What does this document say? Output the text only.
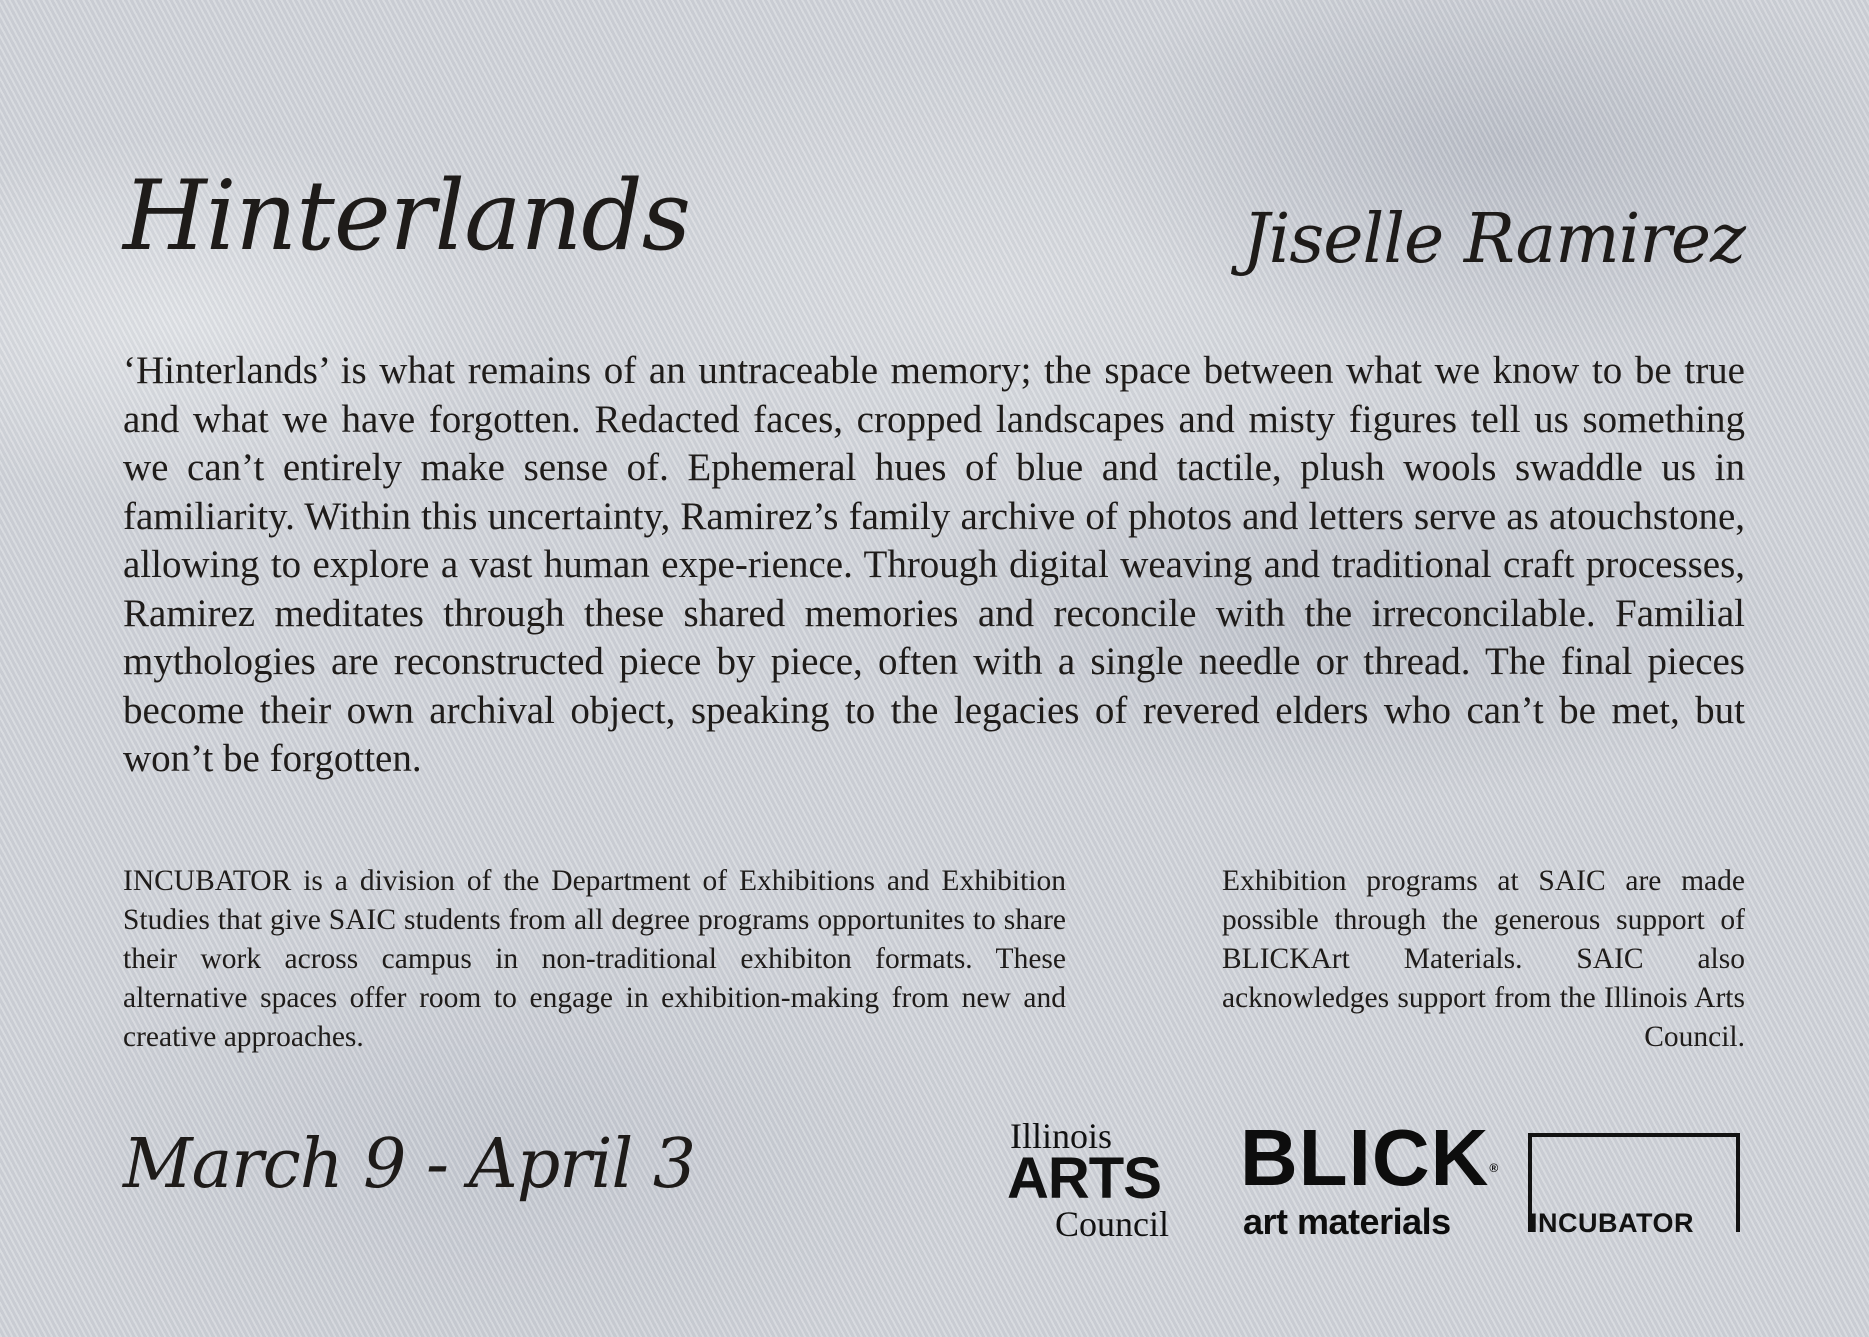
Hinterlands	Jiselle Ramirez

‘Hinterlands’ is what remains of an untraceable memory; the space between what we know to be true and what we have forgotten. Redacted faces, cropped landscapes and misty figures tell us something we can’t entirely make sense of. Ephemeral hues of blue and tactile, plush wools swaddle us in familiarity. Within this uncertainty, Ramirez’s family archive of photos and letters serve as atouchstone, allowing to explore a vast human expe-rience. Through digital weaving and traditional craft processes, Ramirez meditates through these shared memories and reconcile with the irreconcilable. Familial mythologies are reconstructed piece by piece, often with a single needle or thread. The final pieces become their own archival object, speaking to the legacies of revered elders who can’t be met, but won’t be forgotten.

INCUBATOR is a division of the Department of Exhibitions and Exhibition Studies that give SAIC students from all degree programs opportunites to share their work across campus in non-traditional exhibiton formats. These alternative spaces offer room to engage in exhibition-making from new and creative approaches.

Exhibition programs at SAIC are made possible through the generous support of BLICKArt Materials. SAIC also acknowledges support from the Illinois Arts Council.

March 9 - April 3	Illinois
ARTS
Council
BLICK®
art materials	INCUBATOR
